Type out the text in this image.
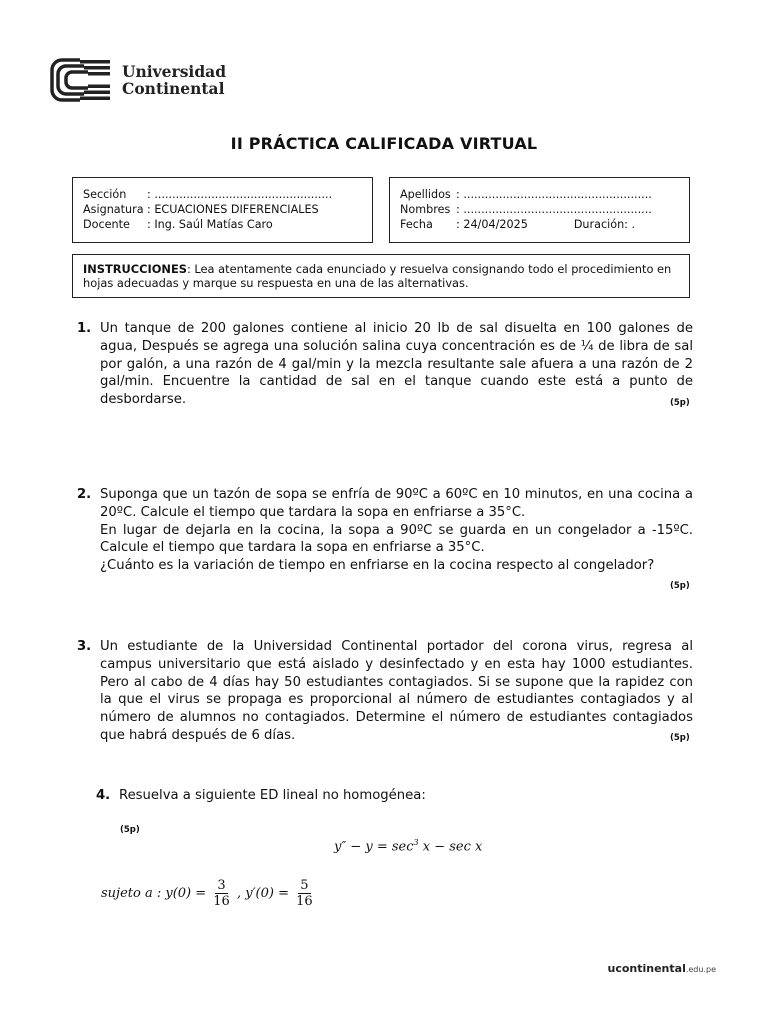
Universidad
Continental
II PRÁCTICA CALIFICADA VIRTUAL
Sección	: ..................................................
Asignatura : ECUACIONES DIFERENCIALES
Docente	: Ing. Saúl Matías Caro
Apellidos : .....................................................
Nombres : .....................................................
Fecha	: 24/04/2025	Duración: .
INSTRUCCIONES: Lea atentamente cada enunciado y resuelva consignando todo el procedimiento en hojas adecuadas y marque su respuesta en una de las alternativas.
1. Un tanque de 200 galones contiene al inicio 20 lb de sal disuelta en 100 galones de agua, Después se agrega una solución salina cuya concentración es de ¼ de libra de sal por galón, a una razón de 4 gal/min y la mezcla resultante sale afuera a una razón de 2 gal/min. Encuentre la cantidad de sal en el tanque cuando este está a punto de desbordarse.	(5p)
2. Suponga que un tazón de sopa se enfría de 90ºC a 60ºC en 10 minutos, en una cocina a 20ºC. Calcule el tiempo que tardara la sopa en enfriarse a 35°C.
En lugar de dejarla en la cocina, la sopa a 90ºC se guarda en un congelador a -15ºC. Calcule el tiempo que tardara la sopa en enfriarse a 35°C.
¿Cuánto es la variación de tiempo en enfriarse en la cocina respecto al congelador?
(5p)
3. Un estudiante de la Universidad Continental portador del corona virus, regresa al campus universitario que está aislado y desinfectado y en esta hay 1000 estudiantes. Pero al cabo de 4 días hay 50 estudiantes contagiados. Si se supone que la rapidez con la que el virus se propaga es proporcional al número de estudiantes contagiados y al número de alumnos no contagiados. Determine el número de estudiantes contagiados que habrá después de 6 días.	(5p)
4. Resuelva a siguiente ED lineal no homogénea:
(5p)
$y'' - y = \sec^3 x - \sec x$
sujeto a : $y(0) = \frac{3}{16}$ , $y'(0) = \frac{5}{16}$
ucontinental.edu.pe
